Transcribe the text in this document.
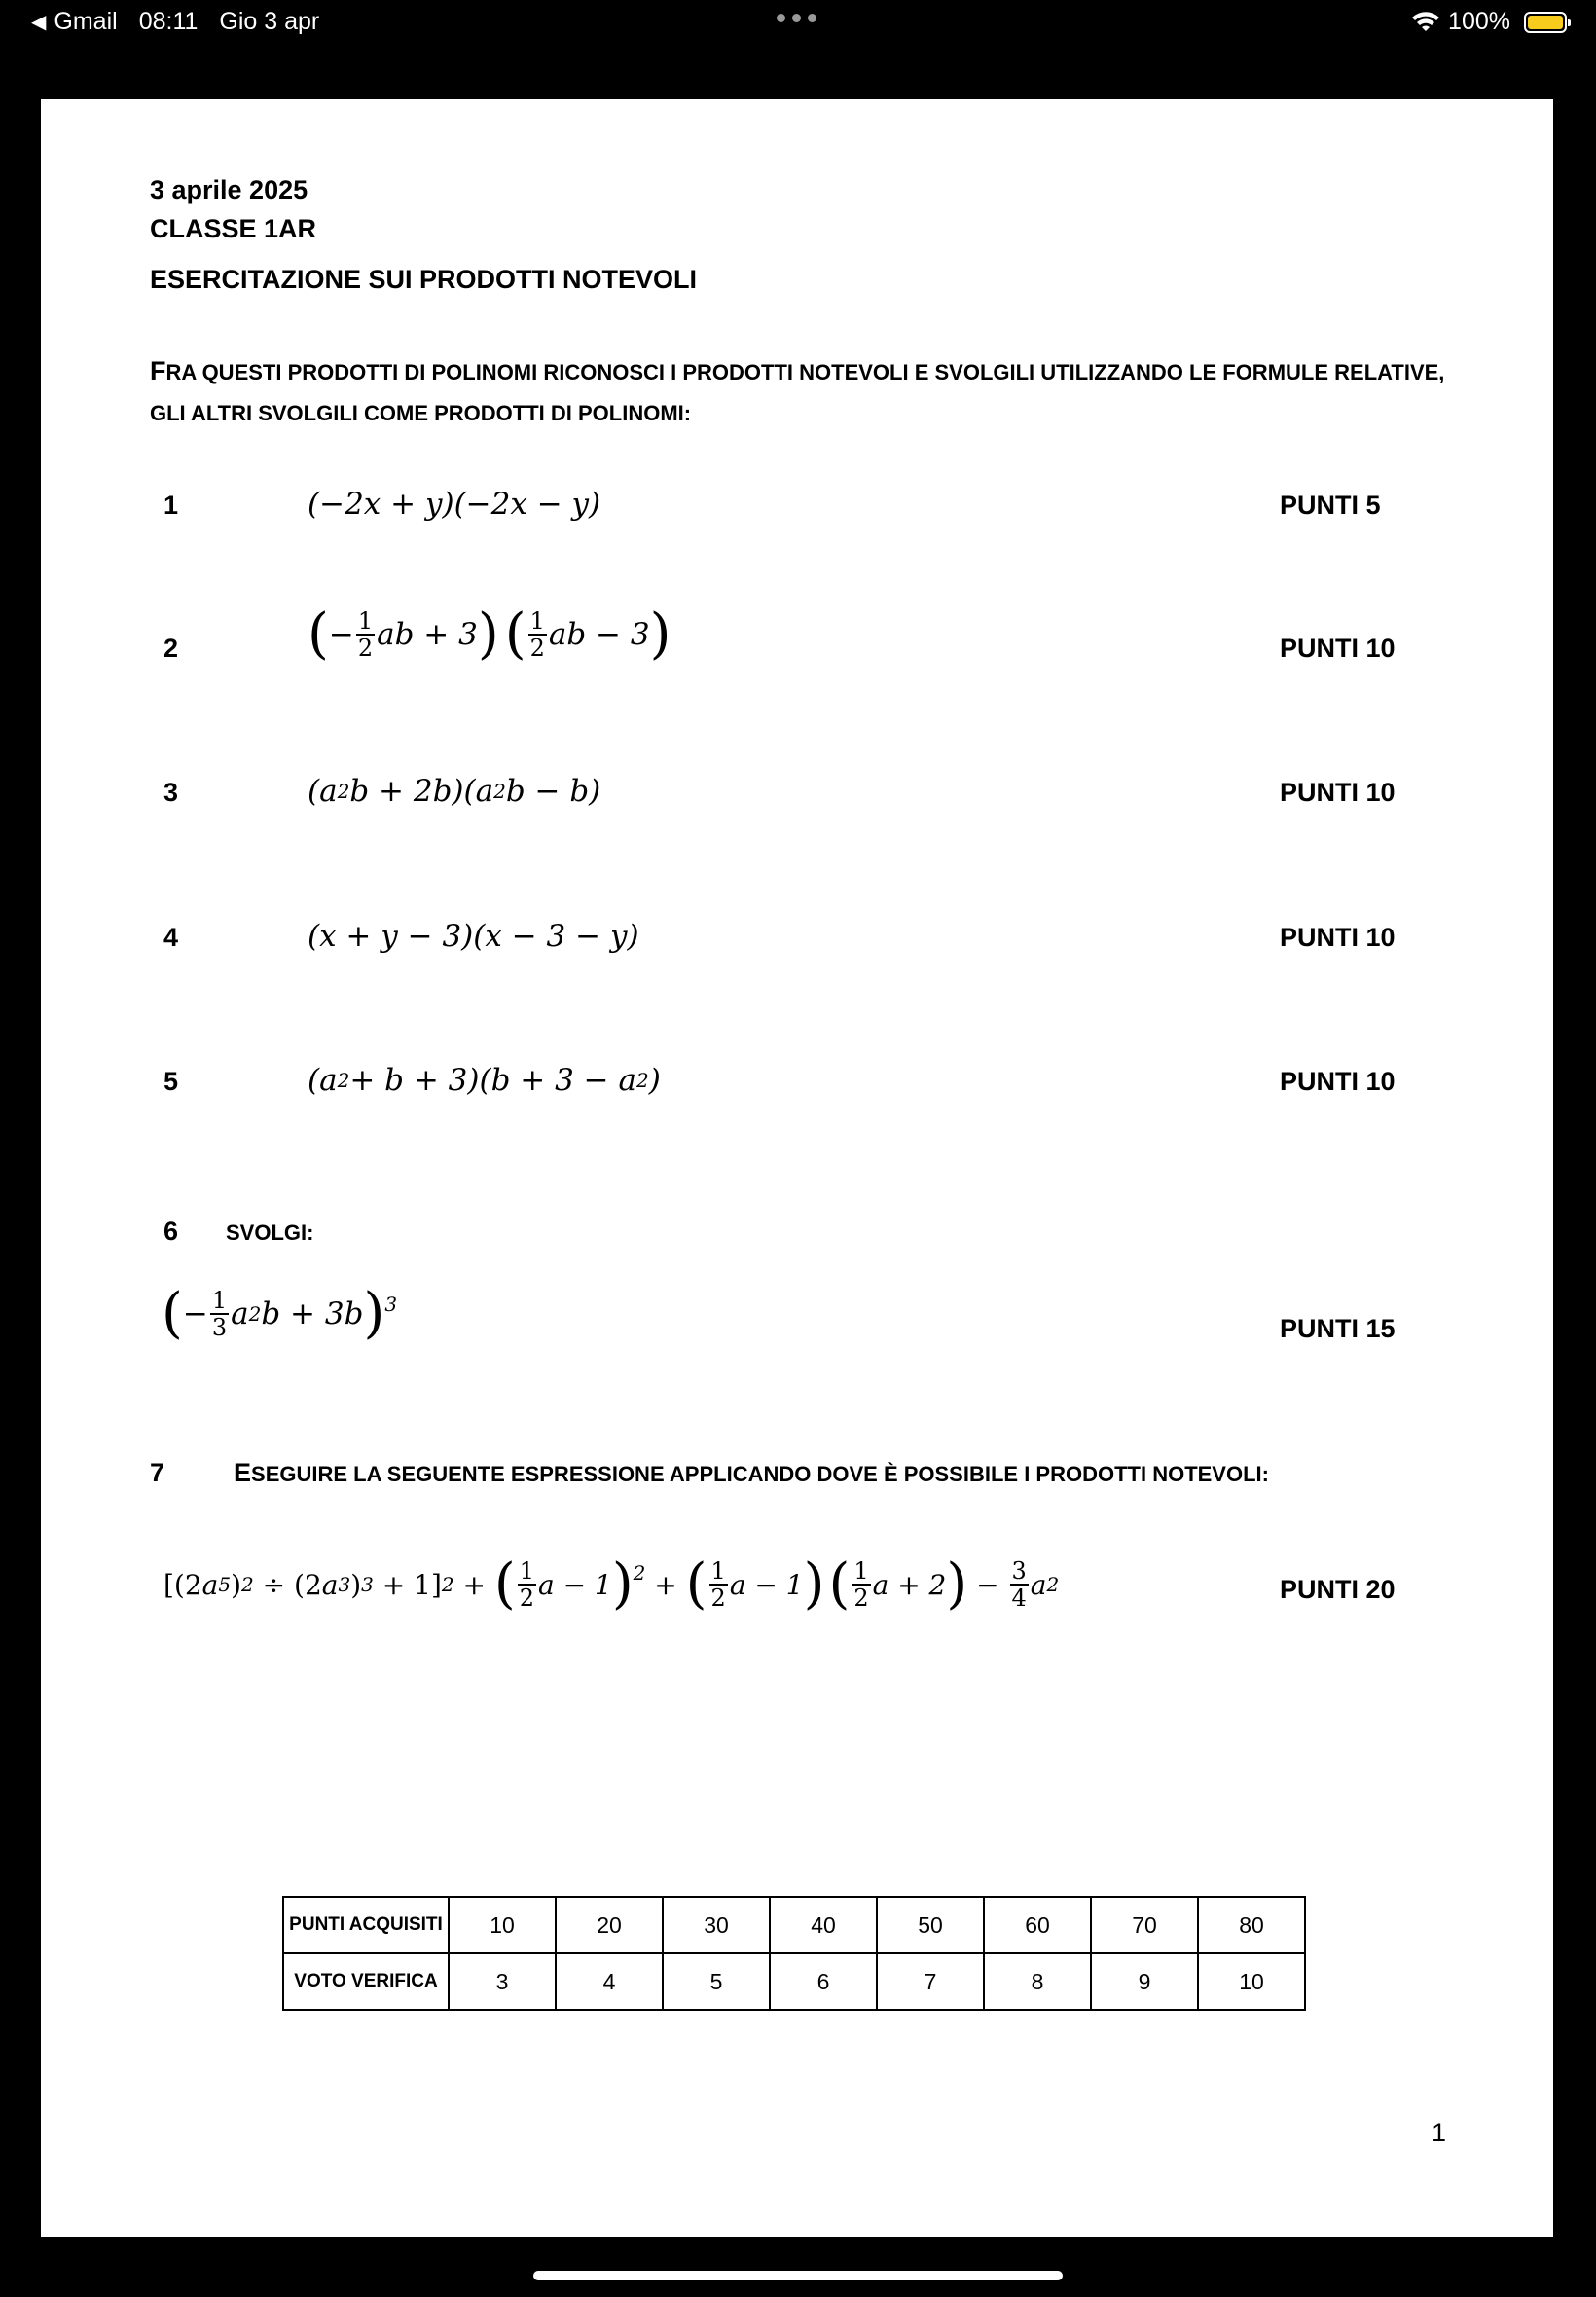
◀ Gmail 08:11 Gio 3 apr	100%
3 aprile 2025
CLASSE 1AR
ESERCITAZIONE SUI PRODOTTI NOTEVOLI
FRA QUESTI PRODOTTI DI POLINOMI RICONOSCI I PRODOTTI NOTEVOLI E SVOLGILI UTILIZZANDO LE FORMULE RELATIVE, GLI ALTRI SVOLGILI COME PRODOTTI DI POLINOMI:
1	(−2x + y)(−2x − y)	PUNTI 5
2 ( − $\frac{1}{2}$ ab + 3 ) ( $\frac{1}{2}$ ab − 3 )	PUNTI 10
3	(a 2 b + 2b)(a 2 b − b)	PUNTI 10
4	(x + y − 3)(x − 3 − y)	PUNTI 10
5	(a 2 + b + 3)(b + 3 − a 2 )	PUNTI 10
6 SVOLGI:
( − $\frac{1}{3}$ a 2 b + 3b )$^3$
PUNTI 15
7	ESEGUIRE LA SEGUENTE ESPRESSIONE APPLICANDO DOVE È POSSIBILE I PRODOTTI NOTEVOLI:
[(2 a 5 ) 2 ÷ (2 a 3 ) 3 + 1] 2 + ( $\frac{1}{2}$ a − 1 )$^2$ + ( $\frac{1}{2}$ a − 1 ) ( $\frac{1}{2}$ a + 2 ) − $\frac{3}{4}$ a 2	PUNTI 20
PUNTI ACQUISITI	10	20	30	40	50	60	70	80
VOTO VERIFICA	3	4	5	6	7	8	9	10
1
